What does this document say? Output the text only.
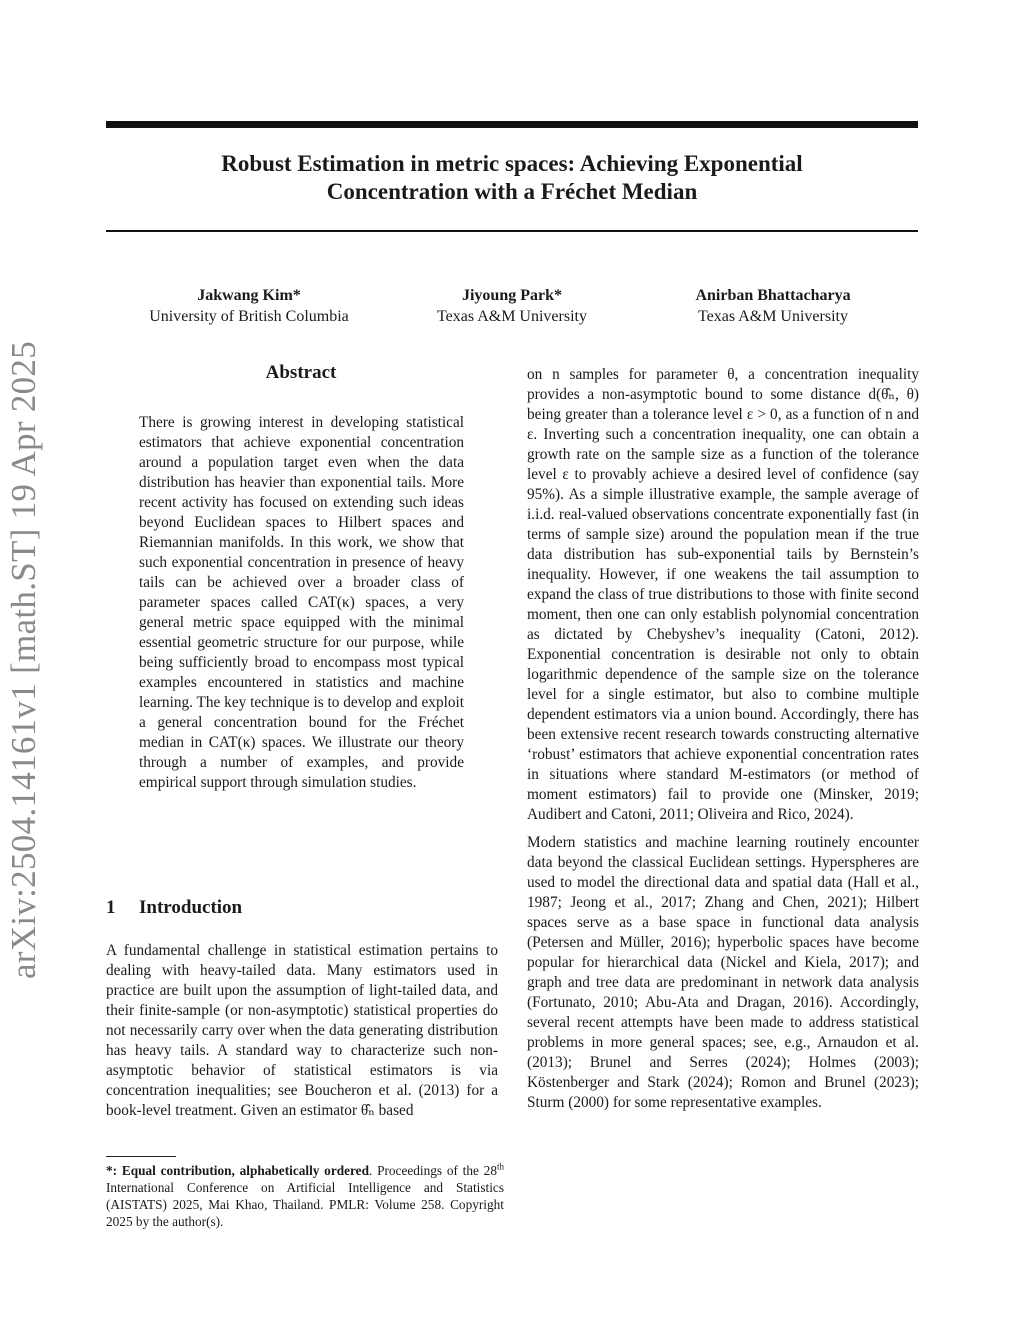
Robust Estimation in metric spaces: Achieving Exponential
Concentration with a Fréchet Median
Jakwang Kim*
University of British Columbia
Jiyoung Park*
Texas A&M University
Anirban Bhattacharya
Texas A&M University
arXiv:2504.14161v1 [math.ST] 19 Apr 2025	Abstract
There is growing interest in developing statistical estimators that achieve exponential concentration around a population target even when the data distribution has heavier than exponential tails. More recent activity has focused on extending such ideas beyond Euclidean spaces to Hilbert spaces and Riemannian manifolds. In this work, we show that such exponential concentration in presence of heavy tails can be achieved over a broader class of parameter spaces called CAT(κ) spaces, a very general metric space equipped with the minimal essential geometric structure for our purpose, while being sufficiently broad to encompass most typical examples encountered in statistics and machine learning. The key technique is to develop and exploit a general concentration bound for the Fréchet median in CAT(κ) spaces. We illustrate our theory through a number of examples, and provide empirical support through simulation studies.
1 Introduction

A fundamental challenge in statistical estimation pertains to dealing with heavy-tailed data. Many estimators used in practice are built upon the assumption of light-tailed data, and their finite-sample (or non-asymptotic) statistical properties do not necessarily carry over when the data generating distribution has heavy tails. A standard way to characterize such non-asymptotic behavior of statistical estimators is via concentration inequalities; see Boucheron et al. (2013) for a book-level treatment. Given an estimator θ̂ₙ based

on n samples for parameter θ, a concentration inequality provides a non-asymptotic bound to some distance d(θ̂ₙ, θ) being greater than a tolerance level ε > 0, as a function of n and ε. Inverting such a concentration inequality, one can obtain a growth rate on the sample size as a function of the tolerance level ε to provably achieve a desired level of confidence (say 95%). As a simple illustrative example, the sample average of i.i.d. real-valued observations concentrate exponentially fast (in terms of sample size) around the population mean if the true data distribution has sub-exponential tails by Bernstein’s inequality. However, if one weakens the tail assumption to expand the class of true distributions to those with finite second moment, then one can only establish polynomial concentration as dictated by Chebyshev’s inequality (Catoni, 2012). Exponential concentration is desirable not only to obtain logarithmic dependence of the sample size on the tolerance level for a single estimator, but also to combine multiple dependent estimators via a union bound. Accordingly, there has been extensive recent research towards constructing alternative ‘robust’ estimators that achieve exponential concentration rates in situations where standard M-estimators (or method of moment estimators) fail to provide one (Minsker, 2019; Audibert and Catoni, 2011; Oliveira and Rico, 2024).

Modern statistics and machine learning routinely encounter data beyond the classical Euclidean settings. Hyperspheres are used to model the directional data and spatial data (Hall et al., 1987; Jeong et al., 2017; Zhang and Chen, 2021); Hilbert spaces serve as a base space in functional data analysis (Petersen and Müller, 2016); hyperbolic spaces have become popular for hierarchical data (Nickel and Kiela, 2017); and graph and tree data are predominant in network data analysis (Fortunato, 2010; Abu-Ata and Dragan, 2016). Accordingly, several recent attempts have been made to address statistical problems in more general spaces; see, e.g., Arnaudon et al. (2013); Brunel and Serres (2024); Holmes (2003); Köstenberger and Stark (2024); Romon and Brunel (2023); Sturm (2000) for some representative examples.

*: Equal contribution, alphabetically ordered. Proceedings of the 28th International Conference on Artificial Intelligence and Statistics (AISTATS) 2025, Mai Khao, Thailand. PMLR: Volume 258. Copyright 2025 by the author(s).
